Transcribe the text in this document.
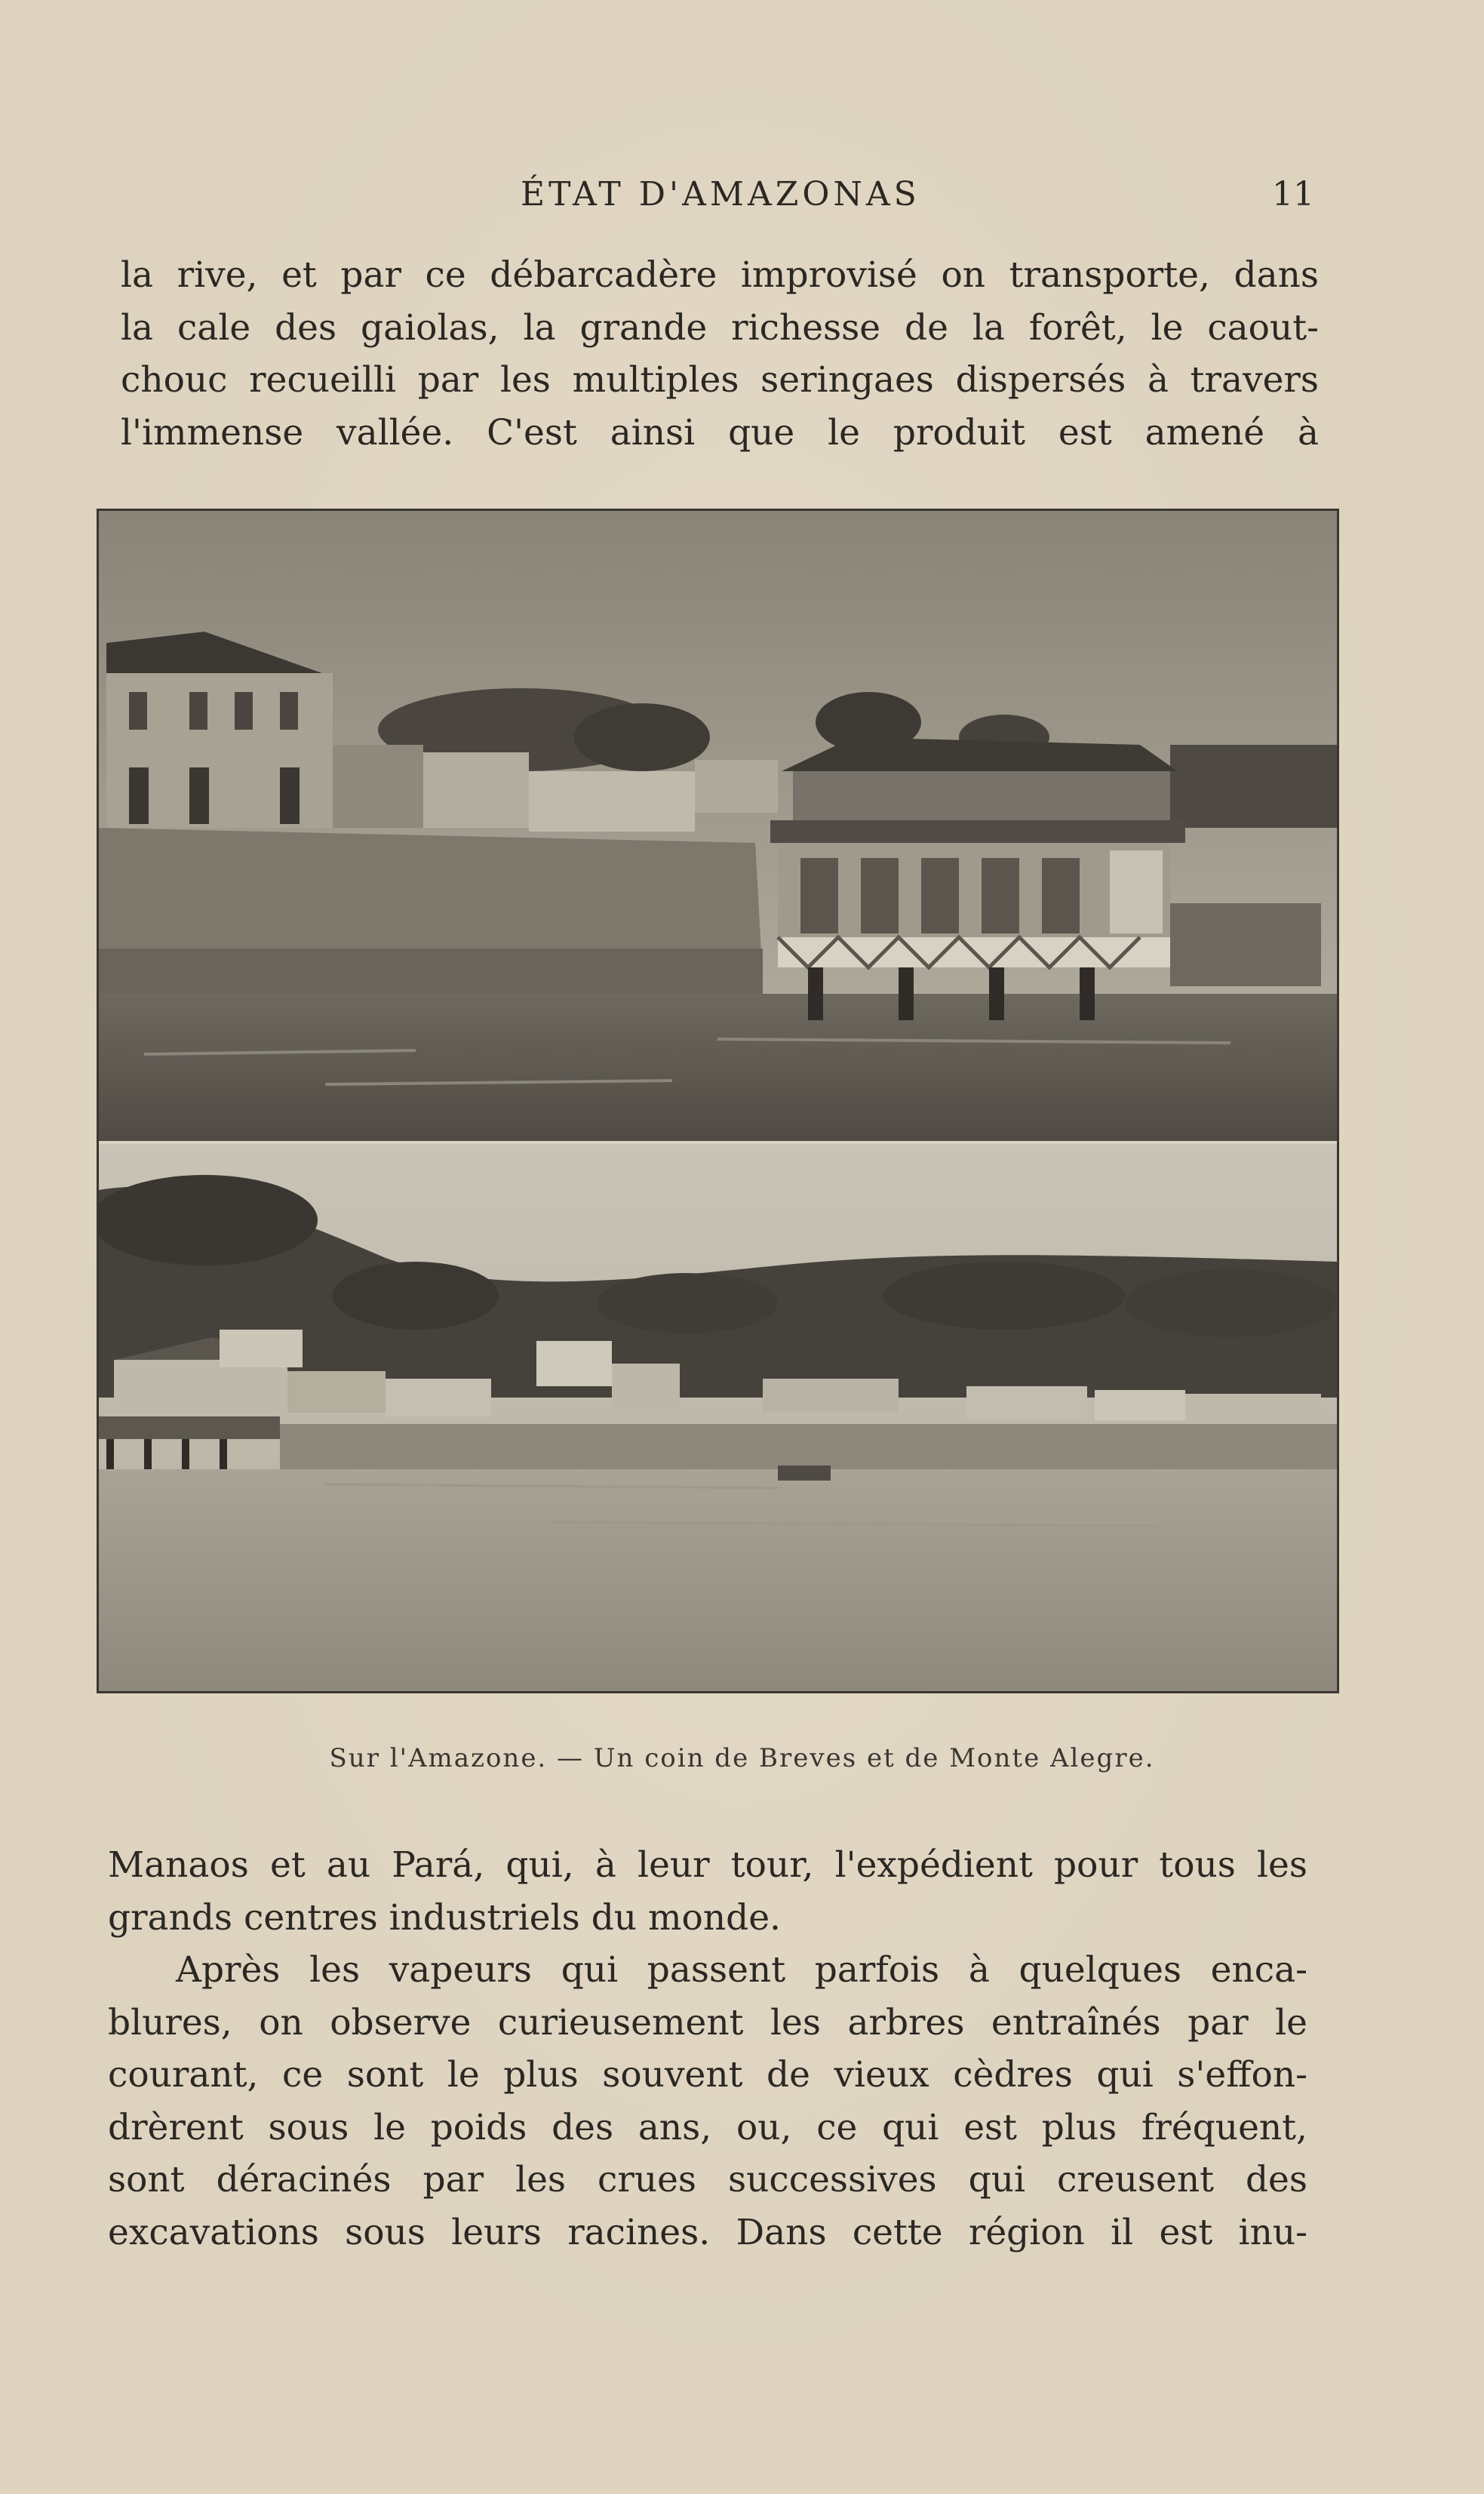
ÉTAT D'AMAZONAS	11
la rive, et par ce débarcadère improvisé on transporte, dans
la cale des gaiolas, la grande richesse de la forêt, le caout-
chouc recueilli par les multiples seringaes dispersés à travers
l'immense vallée. C'est ainsi que le produit est amené à
Sur l'Amazone. — Un coin de Breves et de Monte Alegre.
Manaos et au Pará, qui, à leur tour, l'expédient pour tous les
grands centres industriels du monde.
Après les vapeurs qui passent parfois à quelques enca-
blures, on observe curieusement les arbres entraînés par le
courant, ce sont le plus souvent de vieux cèdres qui s'effon-
drèrent sous le poids des ans, ou, ce qui est plus fréquent,
sont déracinés par les crues successives qui creusent des
excavations sous leurs racines. Dans cette région il est inu-
